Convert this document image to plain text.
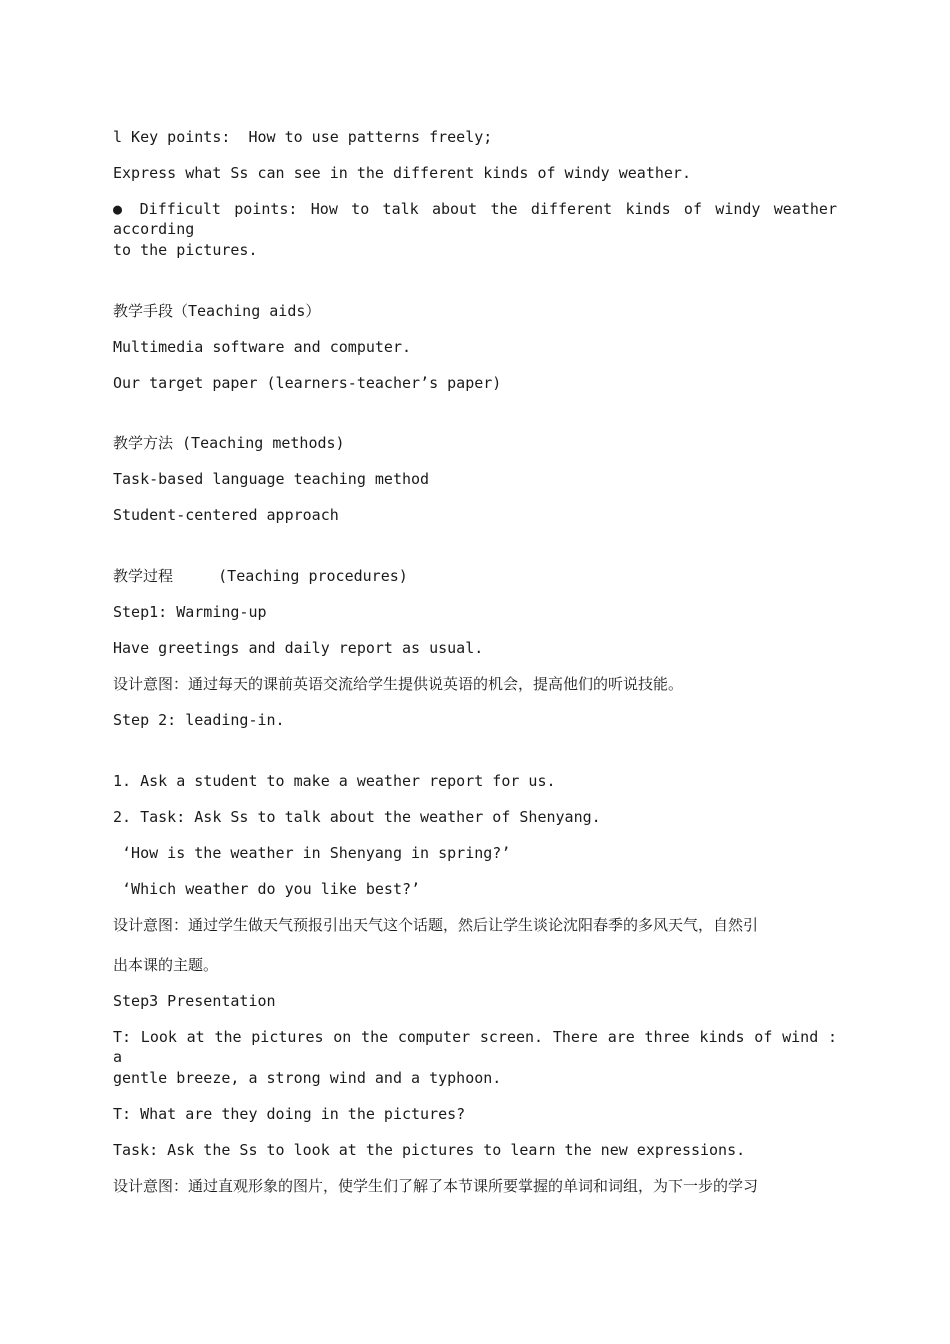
l Key points:  How to use patterns freely;
Express what Ss can see in the different kinds of windy weather.
● Difficult points: How to talk about the different kinds of windy weather according
to the pictures.
教学手段（Teaching aids）
Multimedia software and computer.
Our target paper (learners-teacher’s paper)
教学方法 (Teaching methods)
Task-based language teaching method
Student-centered approach
教学过程     (Teaching procedures)
Step1: Warming-up
Have greetings and daily report as usual.
设计意图：通过每天的课前英语交流给学生提供说英语的机会，提高他们的听说技能。
Step 2: leading-in.
1. Ask a student to make a weather report for us.
2. Task: Ask Ss to talk about the weather of Shenyang.
‘How is the weather in Shenyang in spring?’
‘Which weather do you like best?’
设计意图：通过学生做天气预报引出天气这个话题，然后让学生谈论沈阳春季的多风天气，自然引
出本课的主题。
Step3 Presentation
T: Look at the pictures on the computer screen. There are three kinds of wind : a
gentle breeze, a strong wind and a typhoon.
T: What are they doing in the pictures?
Task: Ask the Ss to look at the pictures to learn the new expressions.
设计意图：通过直观形象的图片，使学生们了解了本节课所要掌握的单词和词组，为下一步的学习
